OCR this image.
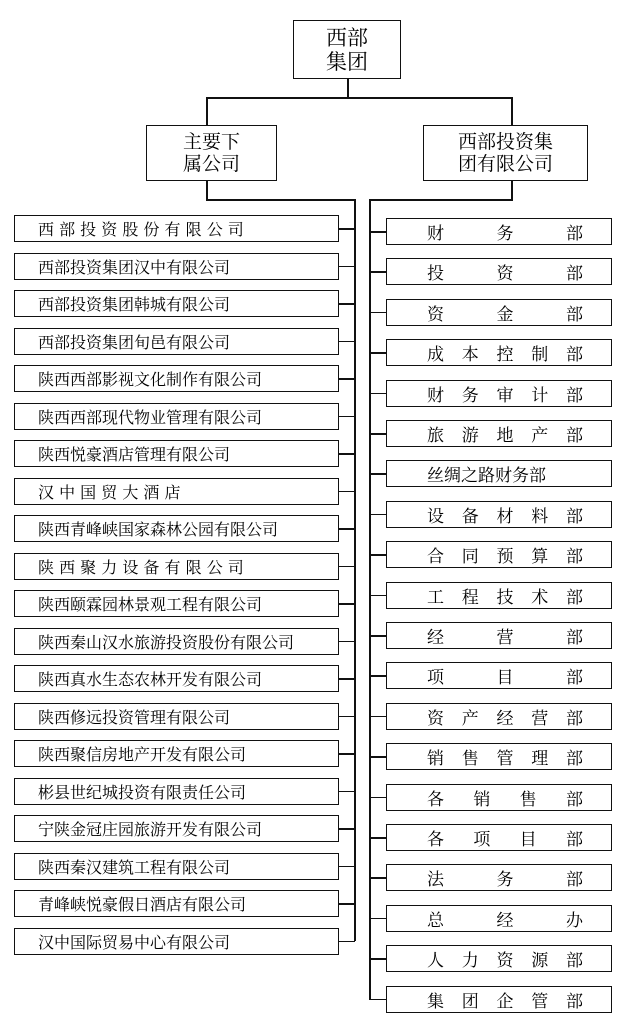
西部
集团
主要下
属公司
西部投资集
团有限公司
西 部 投 资 股 份 有 限 公 司
西部投资集团汉中有限公司
西部投资集团韩城有限公司
西部投资集团旬邑有限公司
陕西西部影视文化制作有限公司
陕西西部现代物业管理有限公司
陕西悦豪酒店管理有限公司
汉 中 国 贸 大 酒 店
陕西青峰峡国家森林公园有限公司
陕 西 聚 力 设 备 有 限 公 司
陕西颐霖园林景观工程有限公司
陕西秦山汉水旅游投资股份有限公司
陕西真水生态农林开发有限公司
陕西修远投资管理有限公司
陕西聚信房地产开发有限公司
彬县世纪城投资有限责任公司
宁陕金冠庄园旅游开发有限公司
陕西秦汉建筑工程有限公司
青峰峡悦豪假日酒店有限公司
汉中国际贸易中心有限公司
财	务	部
投	资	部
资	金	部
成 本 控 制 部
财 务 审 计 部
旅 游 地 产 部
丝绸之路财务部
设 备 材 料 部
合 同 预 算 部
工 程 技 术 部
经	营	部
项	目	部
资 产 经 营 部
销 售 管 理 部
各 销 售 部
各 项 目 部
法	务	部
总	经	办
人 力 资 源 部
集 团 企 管 部
